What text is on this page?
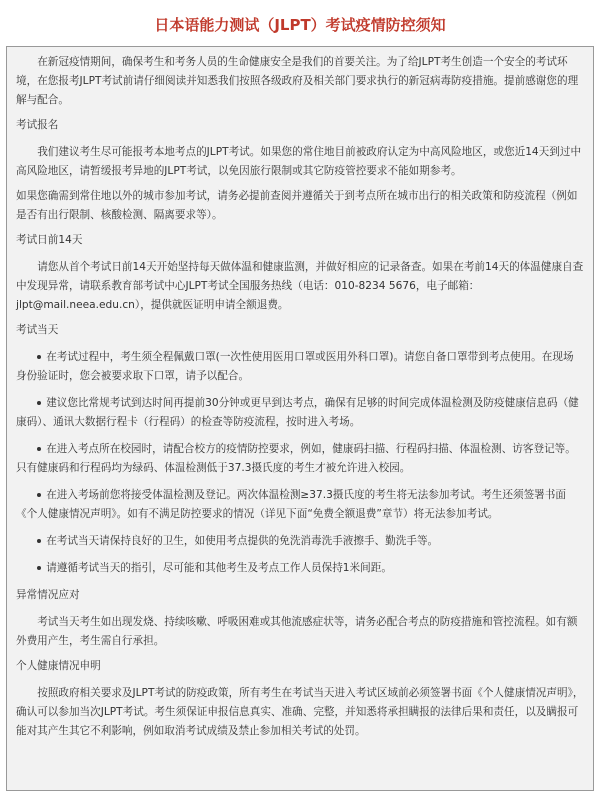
日本语能力测试（JLPT）考试疫情防控须知

在新冠疫情期间，确保考生和考务人员的生命健康安全是我们的首要关注。为了给JLPT考生创造一个安全的考试环境，在您报考JLPT考试前请仔细阅读并知悉我们按照各级政府及相关部门要求执行的新冠病毒防疫措施。提前感谢您的理解与配合。

考试报名

我们建议考生尽可能报考本地考点的JLPT考试。如果您的常住地目前被政府认定为中高风险地区，或您近14天到过中高风险地区，请暂缓报考异地的JLPT考试，以免因旅行限制或其它防疫管控要求不能如期参考。

如果您确需到常住地以外的城市参加考试，请务必提前查阅并遵循关于到考点所在城市出行的相关政策和防疫流程（例如是否有出行限制、核酸检测、隔离要求等）。

考试日前14天

请您从首个考试日前14天开始坚持每天做体温和健康监测，并做好相应的记录备查。如果在考前14天的体温健康自查中发现异常，请联系教育部考试中心JLPT考试全国服务热线（电话：010-8234 5676，电子邮箱：jlpt@mail.neea.edu.cn），提供就医证明申请全额退费。

考试当天

在考试过程中，考生须全程佩戴口罩(一次性使用医用口罩或医用外科口罩)。请您自备口罩带到考点使用。在现场身份验证时，您会被要求取下口罩，请予以配合。

建议您比常规考试到达时间再提前30分钟或更早到达考点，确保有足够的时间完成体温检测及防疫健康信息码（健康码）、通讯大数据行程卡（行程码）的检查等防疫流程，按时进入考场。

在进入考点所在校园时，请配合校方的疫情防控要求，例如，健康码扫描、行程码扫描、体温检测、访客登记等。只有健康码和行程码均为绿码、体温检测低于37.3摄氏度的考生才被允许进入校园。

在进入考场前您将接受体温检测及登记。两次体温检测≥37.3摄氏度的考生将无法参加考试。考生还须签署书面《个人健康情况声明》。如有不满足防控要求的情况（详见下面“免费全额退费”章节）将无法参加考试。

在考试当天请保持良好的卫生，如使用考点提供的免洗消毒洗手液擦手、勤洗手等。

请遵循考试当天的指引，尽可能和其他考生及考点工作人员保持1米间距。

异常情况应对

考试当天考生如出现发烧、持续咳嗽、呼吸困难或其他流感症状等，请务必配合考点的防疫措施和管控流程。如有额外费用产生，考生需自行承担。

个人健康情况申明

按照政府相关要求及JLPT考试的防疫政策，所有考生在考试当天进入考试区域前必须签署书面《个人健康情况声明》，确认可以参加当次JLPT考试。考生须保证申报信息真实、准确、完整，并知悉将承担瞒报的法律后果和责任，以及瞒报可能对其产生其它不利影响，例如取消考试成绩及禁止参加相关考试的处罚。
